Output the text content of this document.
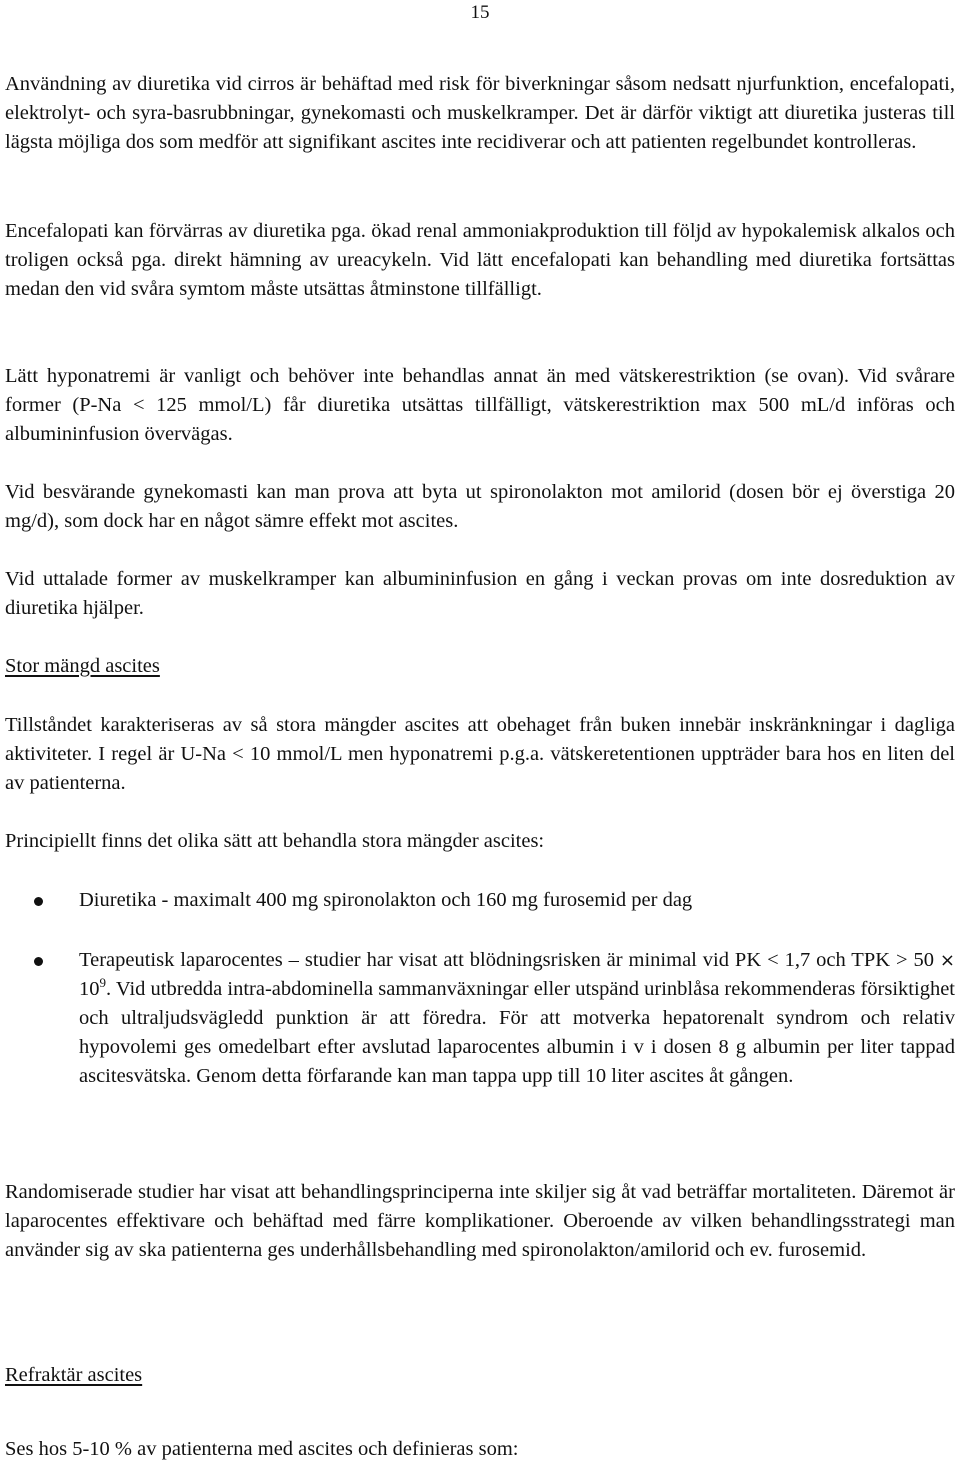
15

Användning av diuretika vid cirros är behäftad med risk för biverkningar såsom nedsatt njurfunktion, encefalopati, elektrolyt- och syra-basrubbningar, gynekomasti och muskelkramper. Det är därför viktigt att diuretika justeras till lägsta möjliga dos som medför att signifikant ascites inte recidiverar och att patienten regelbundet kontrolleras.

Encefalopati kan förvärras av diuretika pga. ökad renal ammoniakproduktion till följd av hypokalemisk alkalos och troligen också pga. direkt hämning av ureacykeln. Vid lätt encefalopati kan behandling med diuretika fortsättas medan den vid svåra symtom måste utsättas åtminstone tillfälligt.

Lätt hyponatremi är vanligt och behöver inte behandlas annat än med vätskerestriktion (se ovan). Vid svårare former (P-Na < 125 mmol/L) får diuretika utsättas tillfälligt, vätskerestriktion max 500 mL/d införas och albumininfusion övervägas.

Vid besvärande gynekomasti kan man prova att byta ut spironolakton mot amilorid (dosen bör ej överstiga 20 mg/d), som dock har en något sämre effekt mot ascites.

Vid uttalade former av muskelkramper kan albumininfusion en gång i veckan provas om inte dosreduktion av diuretika hjälper.

Stor mängd ascites

Tillståndet karakteriseras av så stora mängder ascites att obehaget från buken innebär inskränkningar i dagliga aktiviteter. I regel är U-Na < 10 mmol/L men hyponatremi p.g.a. vätskeretentionen uppträder bara hos en liten del av patienterna.

Principiellt finns det olika sätt att behandla stora mängder ascites:

Diuretika - maximalt 400 mg spironolakton och 160 mg furosemid per dag

Terapeutisk laparocentes – studier har visat att blödningsrisken är minimal vid PK < 1,7 och TPK > $50 \times 10^9$. Vid utbredda intra-abdominella sammanväxningar eller utspänd urinblåsa rekommenderas försiktighet och ultraljudsvägledd punktion är att föredra. För att motverka hepatorenalt syndrom och relativ hypovolemi ges omedelbart efter avslutad laparocentes albumin i v i dosen 8 g albumin per liter tappad ascitesvätska. Genom detta förfarande kan man tappa upp till 10 liter ascites åt gången.

Randomiserade studier har visat att behandlingsprinciperna inte skiljer sig åt vad beträffar mortaliteten. Däremot är laparocentes effektivare och behäftad med färre komplikationer. Oberoende av vilken behandlingsstrategi man använder sig av ska patienterna ges underhållsbehandling med spironolakton/amilorid och ev. furosemid.

Refraktär ascites

Ses hos 5-10 % av patienterna med ascites och definieras som:
